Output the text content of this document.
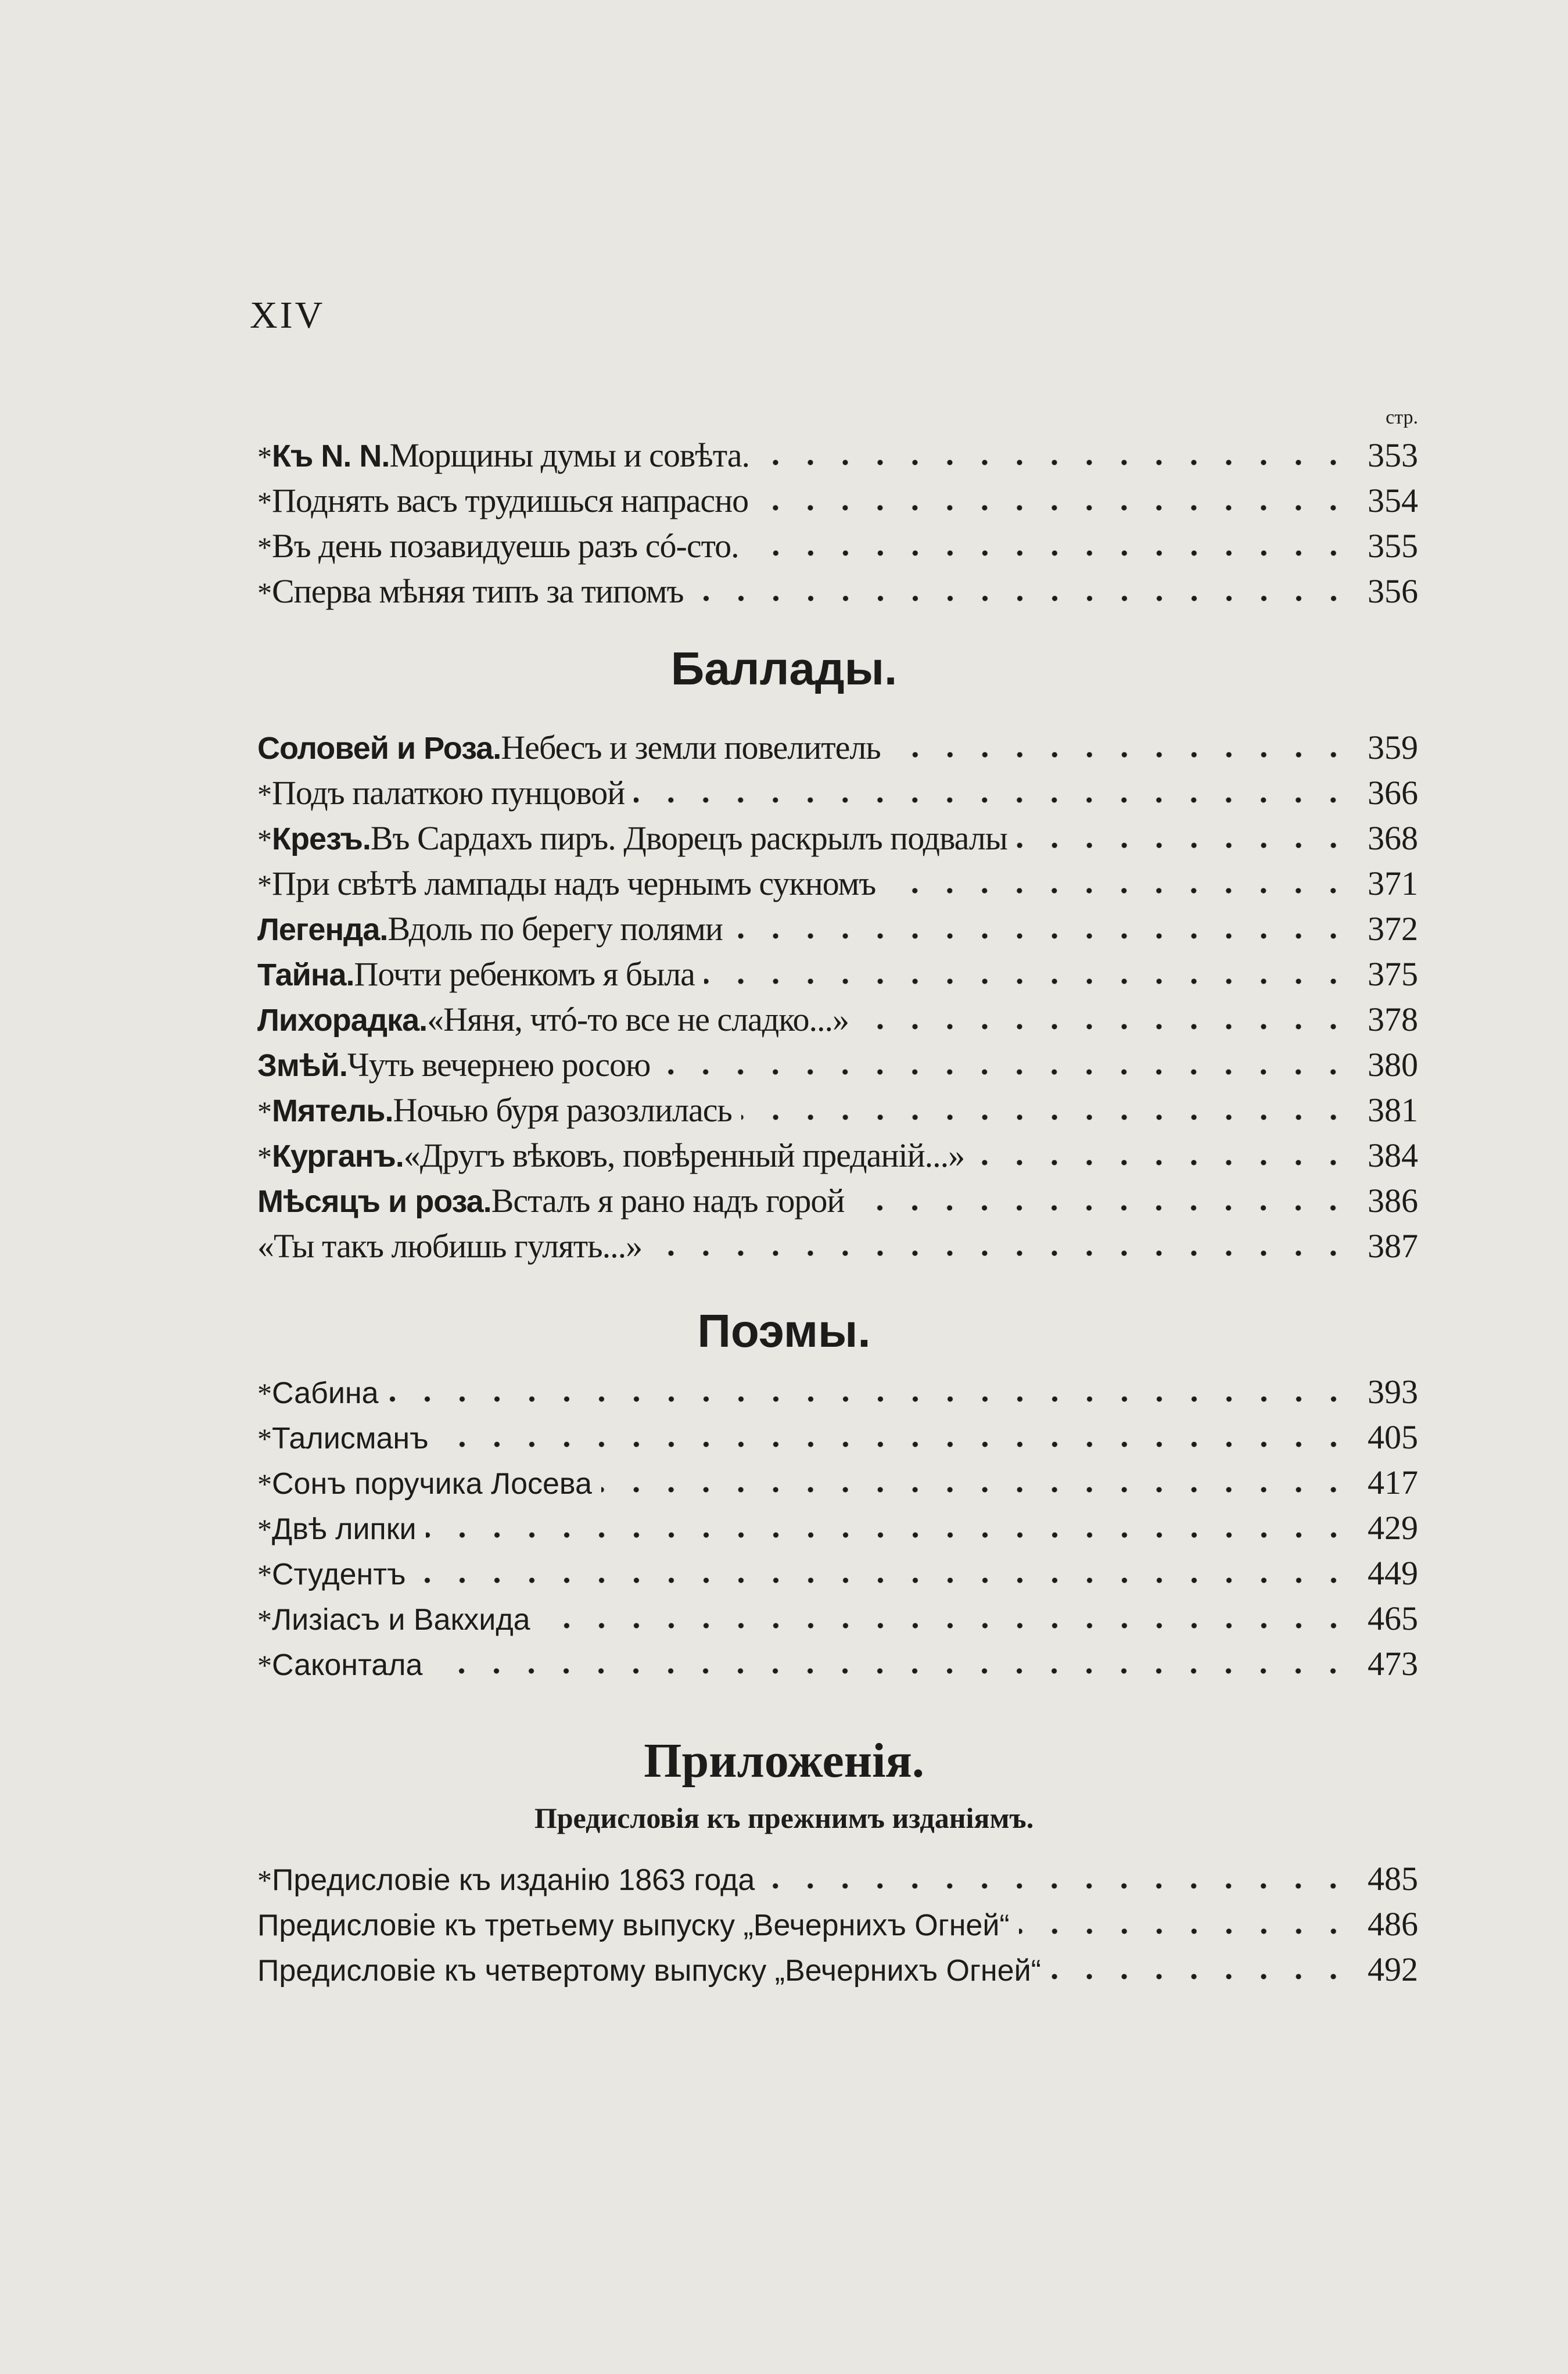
XIV
стр.
* Къ N. N. Морщины думы и совѣта.	353
* Поднять васъ трудишься напрасно	354
* Въ день позавидуешь разъ сó-сто.	355
* Сперва мѣняя типъ за типомъ	356
Баллады.
Соловей и Роза. Небесъ и земли повелитель	359
* Подъ палаткою пунцовой	366
* Крезъ. Въ Сардахъ пиръ. Дворецъ раскрылъ подвалы	368
* При свѣтѣ лампады надъ чернымъ сукномъ	371
Легенда. Вдоль по берегу полями	372
Тайна. Почти ребенкомъ я была	375
Лихорадка. «Няня, чтó-то все не сладко...»	378
Змѣй. Чуть вечернею росою	380
* Мятель. Ночью буря разозлилась	381
* Курганъ. «Другъ вѣковъ, повѣренный преданій...»	384
Мѣсяцъ и роза. Всталъ я рано надъ горой	386
«Ты такъ любишь гулять...»	387
Поэмы.
* Сабина	393
* Талисманъ	405
* Сонъ поручика Лосева	417
* Двѣ липки	429
* Студентъ	449
* Лизіасъ и Вакхида	465
* Саконтала	473
Приложенія.
Предисловія къ прежнимъ изданіямъ.
* Предисловіе къ изданію 1863 года	485
Предисловіе къ третьему выпуску „Вечернихъ Огней“	486
Предисловіе къ четвертому выпуску „Вечернихъ Огней“	492
